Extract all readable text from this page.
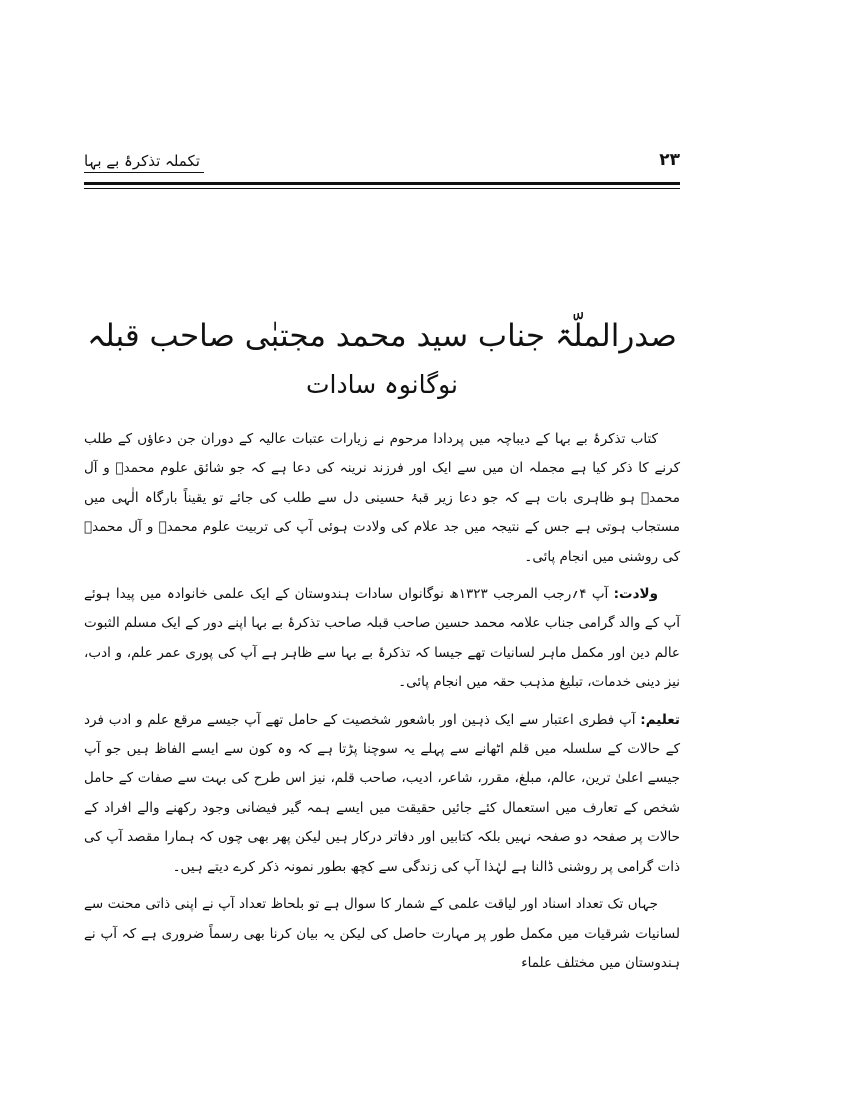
تکملہ تذکرۂ بے بہا	۲۳
صدرالملّۃ جناب سید محمد مجتبٰی صاحب قبلہ
نوگانوہ سادات

کتاب تذکرۂ بے بہا کے دیباچہ میں پردادا مرحوم نے زیارات عتبات عالیہ کے دوران جن دعاؤں کے طلب کرنے کا ذکر کیا ہے مجملہ ان میں سے ایک اور فرزند نرینہ کی دعا ہے کہ جو شائق علوم محمدؐ و آل محمدؐ ہو ظاہری بات ہے کہ جو دعا زیر قبۂ حسینی دل سے طلب کی جائے تو یقیناً بارگاہ الٰہی میں مستجاب ہوتی ہے جس کے نتیجہ میں جد علام کی ولادت ہوئی آپ کی تربیت علوم محمدؐ و آل محمدؐ کی روشنی میں انجام پائی۔

ولادت: آپ ۴؍رجب المرجب ۱۳۲۳ھ نوگانواں سادات ہندوستان کے ایک علمی خانوادہ میں پیدا ہوئے آپ کے والد گرامی جناب علامہ محمد حسین صاحب قبلہ صاحب تذکرۂ بے بہا اپنے دور کے ایک مسلم الثبوت عالم دین اور مکمل ماہر لسانیات تھے جیسا کہ تذکرۂ بے بہا سے ظاہر ہے آپ کی پوری عمر علم، و ادب، نیز دینی خدمات، تبلیغ مذہب حقہ میں انجام پائی۔

تعلیم: آپ فطری اعتبار سے ایک ذہین اور باشعور شخصیت کے حامل تھے آپ جیسے مرقع علم و ادب فرد کے حالات کے سلسلہ میں قلم اٹھانے سے پہلے یہ سوچنا پڑتا ہے کہ وہ کون سے ایسے الفاظ ہیں جو آپ جیسے اعلیٰ ترین، عالم، مبلغ، مقرر، شاعر، ادیب، صاحب قلم، نیز اس طرح کی بہت سے صفات کے حامل شخص کے تعارف میں استعمال کئے جائیں حقیقت میں ایسے ہمہ گیر فیضانی وجود رکھنے والے افراد کے حالات پر صفحہ دو صفحہ نہیں بلکہ کتابیں اور دفاتر درکار ہیں لیکن پھر بھی چوں کہ ہمارا مقصد آپ کی ذات گرامی پر روشنی ڈالنا ہے لہٰذا آپ کی زندگی سے کچھ بطور نمونہ ذکر کرے دیتے ہیں۔

جہاں تک تعداد اسناد اور لیاقت علمی کے شمار کا سوال ہے تو بلحاظ تعداد آپ نے اپنی ذاتی محنت سے لسانیات شرقیات میں مکمل طور پر مہارت حاصل کی لیکن یہ بیان کرنا بھی رسماً ضروری ہے کہ آپ نے ہندوستان میں مختلف علماء
